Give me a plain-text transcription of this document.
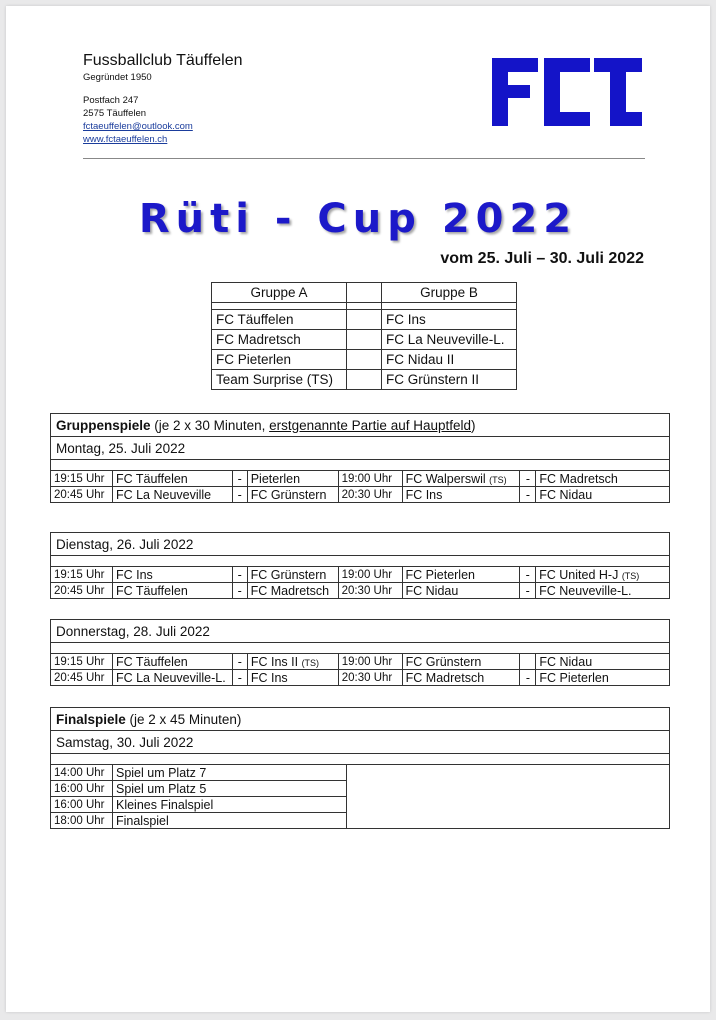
Fussballclub Täuffelen
Gegründet 1950
Postfach 247
2575 Täuffelen
fctaeuffelen@outlook.com
www.fctaeuffelen.ch
Rüti - Cup 2022
vom 25. Juli – 30. Juli 2022
Gruppe A		Gruppe B

FC Täuffelen		FC Ins
FC Madretsch		FC La Neuveville-L.
FC Pieterlen		FC Nidau II
Team Surprise (TS)		FC Grünstern II
Gruppenspiele (je 2 x 30 Minuten, erstgenannte Partie auf Hauptfeld)							
Montag, 25. Juli 2022							

19:15 Uhr	FC Täuffelen	-	Pieterlen	19:00 Uhr	FC Walperswil (TS)	-	FC Madretsch
20:45 Uhr	FC La Neuveville	-	FC Grünstern	20:30 Uhr	FC Ins	-	FC Nidau
Dienstag, 26. Juli 2022							

19:15 Uhr	FC Ins	-	FC Grünstern	19:00 Uhr	FC Pieterlen	-	FC United H-J (TS)
20:45 Uhr	FC Täuffelen	-	FC Madretsch	20:30 Uhr	FC Nidau	-	FC Neuveville-L.
Donnerstag, 28. Juli 2022							

19:15 Uhr	FC Täuffelen	-	FC Ins II (TS)	19:00 Uhr	FC Grünstern		FC Nidau
20:45 Uhr	FC La Neuveville-L.	-	FC Ins	20:30 Uhr	FC Madretsch	-	FC Pieterlen
Finalspiele (je 2 x 45 Minuten)		
Samstag, 30. Juli 2022		

14:00 Uhr	Spiel um Platz 7	
16:00 Uhr	Spiel um Platz 5	
16:00 Uhr	Kleines Finalspiel	
18:00 Uhr	Finalspiel	
